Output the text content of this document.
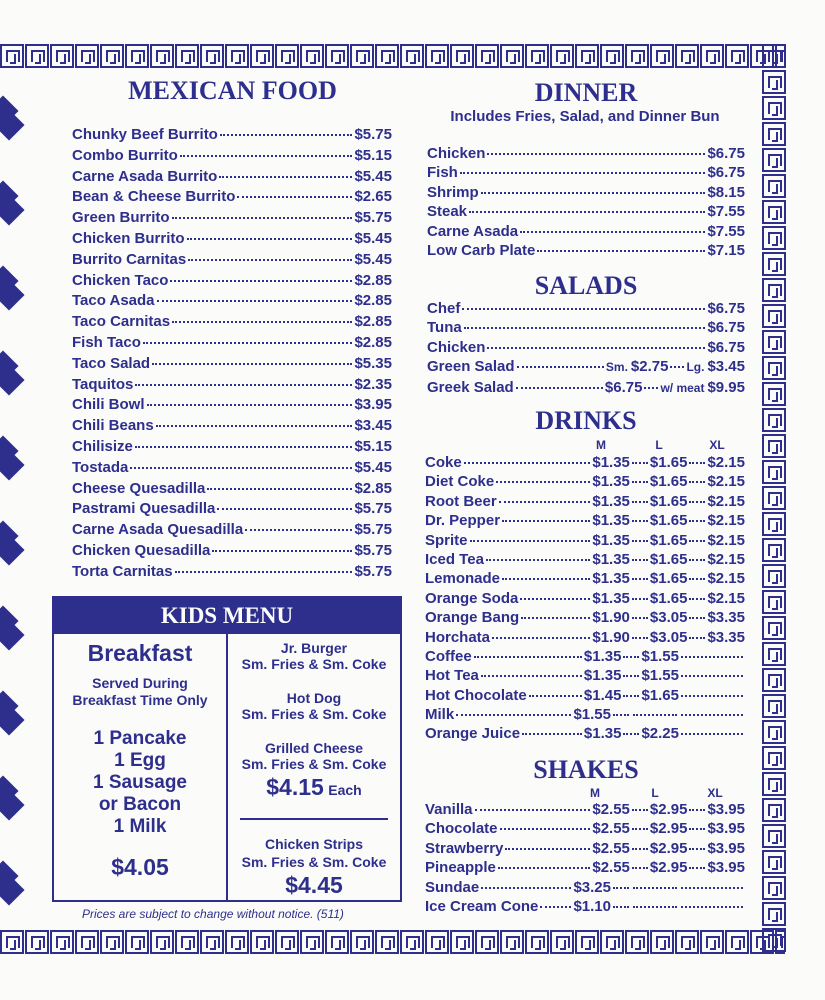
MEXICAN FOOD
Chunky Beef Burrito	$5.75
Combo Burrito	$5.15
Carne Asada Burrito	$5.45
Bean & Cheese Burrito	$2.65
Green Burrito	$5.75
Chicken Burrito	$5.45
Burrito Carnitas	$5.45
Chicken Taco	$2.85
Taco Asada	$2.85
Taco Carnitas	$2.85
Fish Taco	$2.85
Taco Salad	$5.35
Taquitos	$2.35
Chili Bowl	$3.95
Chili Beans	$3.45
Chilisize	$5.15
Tostada	$5.45
Cheese Quesadilla	$2.85
Pastrami Quesadilla	$5.75
Carne Asada Quesadilla	$5.75
Chicken Quesadilla	$5.75
Torta Carnitas	$5.75
KIDS MENU
Breakfast
Served During
Breakfast Time Only
1 Pancake
1 Egg
1 Sausage
or Bacon
1 Milk
$4.05
Jr. Burger
Sm. Fries & Sm. Coke
Hot Dog
Sm. Fries & Sm. Coke
Grilled Cheese
Sm. Fries & Sm. Coke
$4.15 Each
Chicken Strips
Sm. Fries & Sm. Coke
$4.45
Prices are subject to change without notice. (511)
DINNER
Includes Fries, Salad, and Dinner Bun
Chicken	$6.75
Fish	$6.75
Shrimp	$8.15
Steak	$7.55
Carne Asada	$7.55
Low Carb Plate	$7.15
SALADS
Chef	$6.75
Tuna	$6.75
Chicken	$6.75
Green Salad	Sm. $2.75 Lg. $3.45
Greek Salad	$6.75 w/ meat $9.95
DRINKS
M	L	XL
Coke	$1.35 $1.65 $2.15
Diet Coke	$1.35 $1.65 $2.15
Root Beer	$1.35 $1.65 $2.15
Dr. Pepper	$1.35 $1.65 $2.15
Sprite	$1.35 $1.65 $2.15
Iced Tea	$1.35 $1.65 $2.15
Lemonade	$1.35 $1.65 $2.15
Orange Soda	$1.35 $1.65 $2.15
Orange Bang	$1.90 $3.05 $3.35
Horchata	$1.90 $3.05 $3.35
Coffee	$1.35 $1.55
Hot Tea	$1.35 $1.55
Hot Chocolate	$1.45 $1.65
Milk	$1.55
Orange Juice	$1.35 $2.25
SHAKES
M	L	XL
Vanilla	$2.55 $2.95 $3.95
Chocolate	$2.55 $2.95 $3.95
Strawberry	$2.55 $2.95 $3.95
Pineapple	$2.55 $2.95 $3.95
Sundae	$3.25
Ice Cream Cone $1.10
